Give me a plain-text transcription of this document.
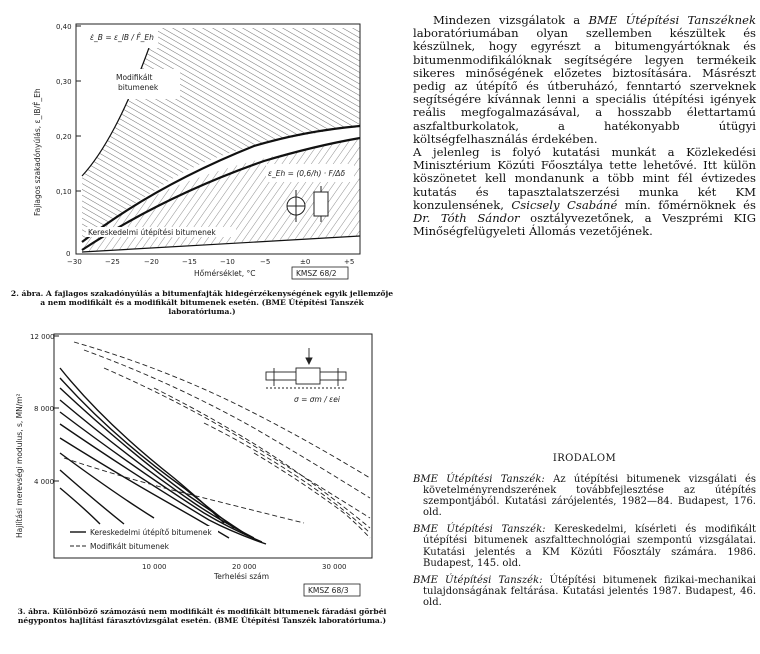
0,40
0,30
0,20
0,10
0
−30	−25	−20	−15	−10	−5	±0	+5
Modifikált
bitumenek
Kereskedelmi útépítési bitumenek
ε̇_B = ε_lB / F̂_Eh
ε_Eh = (0,6/h) · F/Δδ
Fajlagos szakadónyúlás, ε_lB/F̂_Eh
Hőmérséklet, °C	KMSZ 68/2
2. ábra. A fajlagos szakadónyúlás a bitumenfajták hidegérzékenységének egyik jellemzője a nem modifikált és a modifikált bitumenek esetén. (BME Útépítési Tanszék laboratóriuma.)
12 000
8 000
4 000
10 000	20 000	30 000
σ = σm / εei
Kereskedelmi útépítő bitumenek
Modifikált bitumenek
Hajlítási merevségi modulus, s, MN/m²
Terhelési szám
KMSZ 68/3
3. ábra. Különböző számozású nem modifikált és modifikált bitumenek fáradási görbéi négypontos hajlítási fárasztóvizsgálat esetén. (BME Útépítési Tanszék laboratóriuma.)

Mindezen vizsgálatok a BME Útépítési Tanszéknek laboratóriumában olyan szellemben készültek és készülnek, hogy egyrészt a bitumengyártóknak és bitumenmodifikálóknak segítségére legyen termékeik sikeres minőségének előzetes biztosítására. Másrészt pedig az útépítő és útberuházó, fenntartó szerveknek segítségére kívánnak lenni a speciális útépítési igények reális megfogalmazásával, a hosszabb élettartamú aszfaltburkolatok, a hatékonyabb útügyi költségfelhasználás érdekében.

A jelenleg is folyó kutatási munkát a Közlekedési Minisztérium Közúti Főosztálya tette lehetővé. Itt külön köszönetet kell mondanunk a több mint fél évtizedes kutatás és tapasztalatszerzési munka két KM konzulensének, Csicsely Csabáné mín. főmérnöknek és Dr. Tóth Sándor osztályvezetőnek, a Veszprémi KIG Minőségfelügyeleti Állomás vezetőjének.

IRODALOM

BME Útépítési Tanszék: Az útépítési bitumenek vizsgálati és követelményrendszerének továbbfejlesztése az útépítés szempontjából. Kutatási zárójelentés, 1982—84. Budapest, 176. old.

BME Útépítési Tanszék: Kereskedelmi, kísérleti és modifikált útépítési bitumenek aszfalttechnológiai szempontú vizsgálatai. Kutatási jelentés a KM Közúti Főosztály számára. 1986. Budapest, 145. old.

BME Útépítési Tanszék: Útépítési bitumenek fizikai-mechanikai tulajdonságának feltárása. Kutatási jelentés 1987. Budapest, 46. old.
